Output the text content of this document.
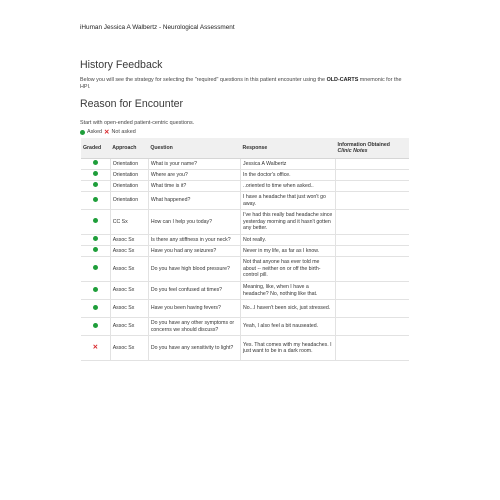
iHuman Jessica A Walbertz - Neurological Assessment
History Feedback
Below you will see the strategy for selecting the "required" questions in this patient encounter using the OLD-CARTS mnemonic for the HPI.
Reason for Encounter
Start with open-ended patient-centric questions.
Asked ✕ Not asked
Graded	Approach	Question	Response	Information Obtained
Clinic Notes

	Orientation	What is your name?	Jessica A Walbertz	
	Orientation	Where are you?	In the doctor's office.	
	Orientation	What time is it?	..oriented to time when asked..	
	Orientation	What happened?	I have a headache that just won't go away.	
	CC Sx	How can I help you today?	I've had this really bad headache since yesterday morning and it hasn't gotten any better.	
	Assoc Sx	Is there any stiffness in your neck?	Not really.	
	Assoc Sx	Have you had any seizures?	Never in my life, as far as I know.	
	Assoc Sx	Do you have high blood pressure?	Not that anyone has ever told me about -- neither on or off the birth-control pill.	
	Assoc Sx	Do you feel confused at times?	Meaning, like, when I have a headache? No, nothing like that.	
	Assoc Sx	Have you been having fevers?	No...I haven't been sick, just stressed.	
	Assoc Sx	Do you have any other symptoms or concerns we should discuss?	Yeah, I also feel a bit nauseated.	
✕	Assoc Sx	Do you have any sensitivity to light?	Yes. That comes with my headaches. I just want to be in a dark room.	
